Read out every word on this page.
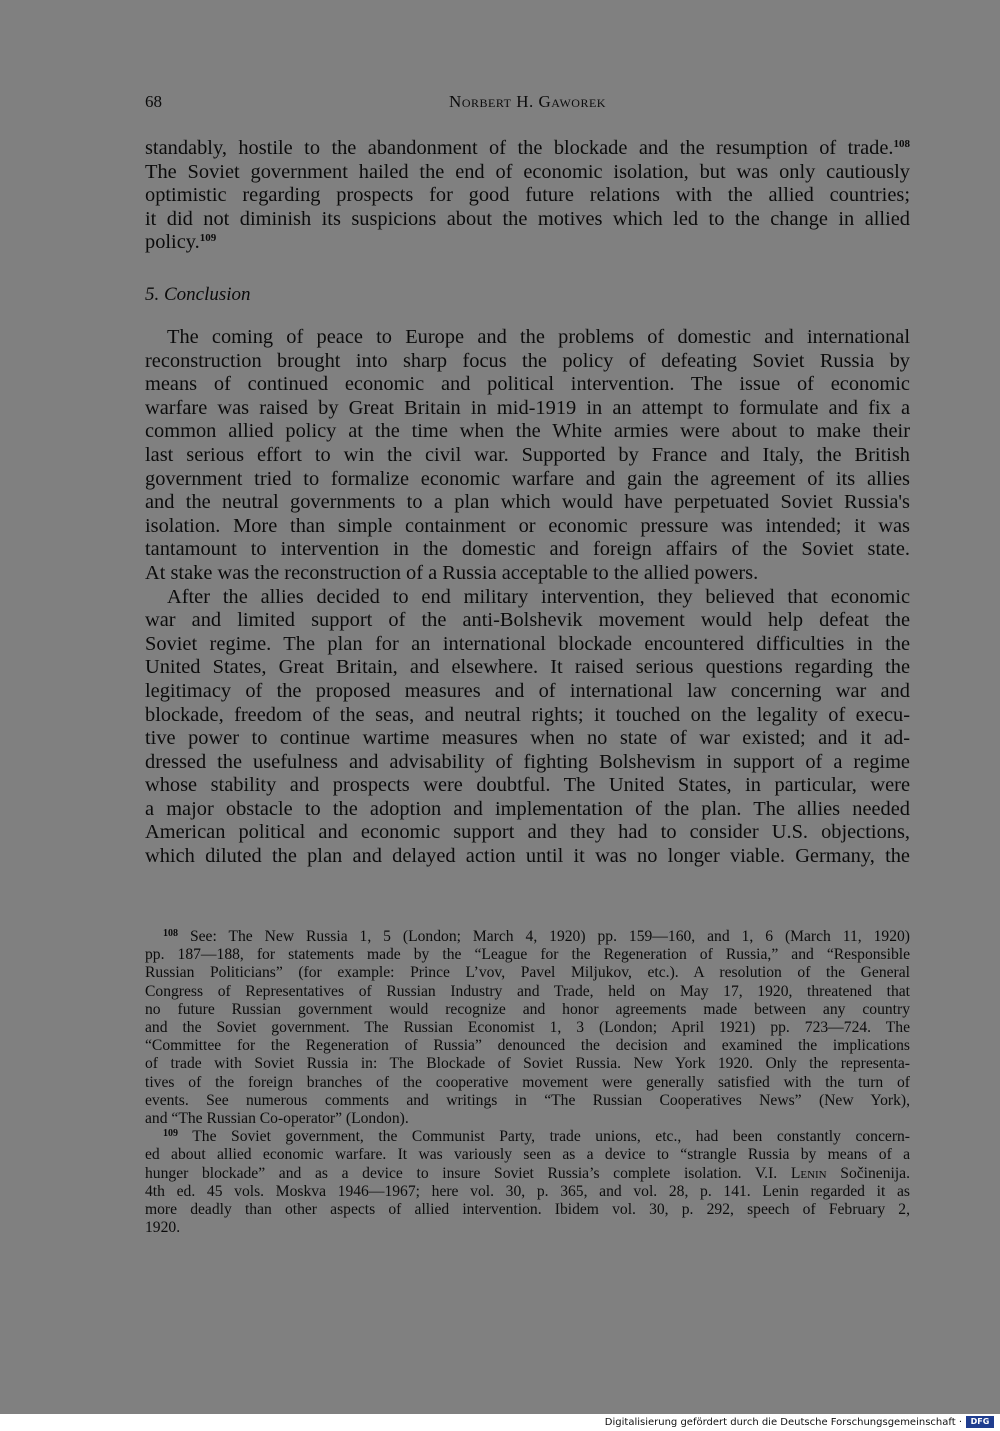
68	Norbert H. Gaworek
standably, hostile to the abandonment of the blockade and the resumption of trade.$^{108}$
The Soviet government hailed the end of economic isolation, but was only cautiously
optimistic regarding prospects for good future relations with the allied countries;
it did not diminish its suspicions about the motives which led to the change in allied
policy.$^{109}$
5. Conclusion
The coming of peace to Europe and the problems of domestic and international
reconstruction brought into sharp focus the policy of defeating Soviet Russia by
means of continued economic and political intervention. The issue of economic
warfare was raised by Great Britain in mid-1919 in an attempt to formulate and fix a
common allied policy at the time when the White armies were about to make their
last serious effort to win the civil war. Supported by France and Italy, the British
government tried to formalize economic warfare and gain the agreement of its allies
and the neutral governments to a plan which would have perpetuated Soviet Russia's
isolation. More than simple containment or economic pressure was intended; it was
tantamount to intervention in the domestic and foreign affairs of the Soviet state.
At stake was the reconstruction of a Russia acceptable to the allied powers.
After the allies decided to end military intervention, they believed that economic
war and limited support of the anti-Bolshevik movement would help defeat the
Soviet regime. The plan for an international blockade encountered difficulties in the
United States, Great Britain, and elsewhere. It raised serious questions regarding the
legitimacy of the proposed measures and of international law concerning war and
blockade, freedom of the seas, and neutral rights; it touched on the legality of execu-
tive power to continue wartime measures when no state of war existed; and it ad-
dressed the usefulness and advisability of fighting Bolshevism in support of a regime
whose stability and prospects were doubtful. The United States, in particular, were
a major obstacle to the adoption and implementation of the plan. The allies needed
American political and economic support and they had to consider U.S. objections,
which diluted the plan and delayed action until it was no longer viable. Germany, the
$^{108}$ See: The New Russia 1, 5 (London; March 4, 1920) pp. 159—160, and 1, 6 (March 11, 1920)
pp. 187—188, for statements made by the “League for the Regeneration of Russia,” and “Responsible
Russian Politicians” (for example: Prince L’vov, Pavel Miljukov, etc.). A resolution of the General
Congress of Representatives of Russian Industry and Trade, held on May 17, 1920, threatened that
no future Russian government would recognize and honor agreements made between any country
and the Soviet government. The Russian Economist 1, 3 (London; April 1921) pp. 723—724. The
“Committee for the Regeneration of Russia” denounced the decision and examined the implications
of trade with Soviet Russia in: The Blockade of Soviet Russia. New York 1920. Only the representa-
tives of the foreign branches of the cooperative movement were generally satisfied with the turn of
events. See numerous comments and writings in “The Russian Cooperatives News” (New York),
and “The Russian Co-operator” (London).
$^{109}$ The Soviet government, the Communist Party, trade unions, etc., had been constantly concern-
ed about allied economic warfare. It was variously seen as a device to “strangle Russia by means of a
hunger blockade” and as a device to insure Soviet Russia’s complete isolation. V.I. Lenin Sočinenija.
4th ed. 45 vols. Moskva 1946—1967; here vol. 30, p. 365, and vol. 28, p. 141. Lenin regarded it as
more deadly than other aspects of allied intervention. Ibidem vol. 30, p. 292, speech of February 2,
1920.
Digitalisierung gefördert durch die Deutsche Forschungsgemeinschaft ·	DFG
